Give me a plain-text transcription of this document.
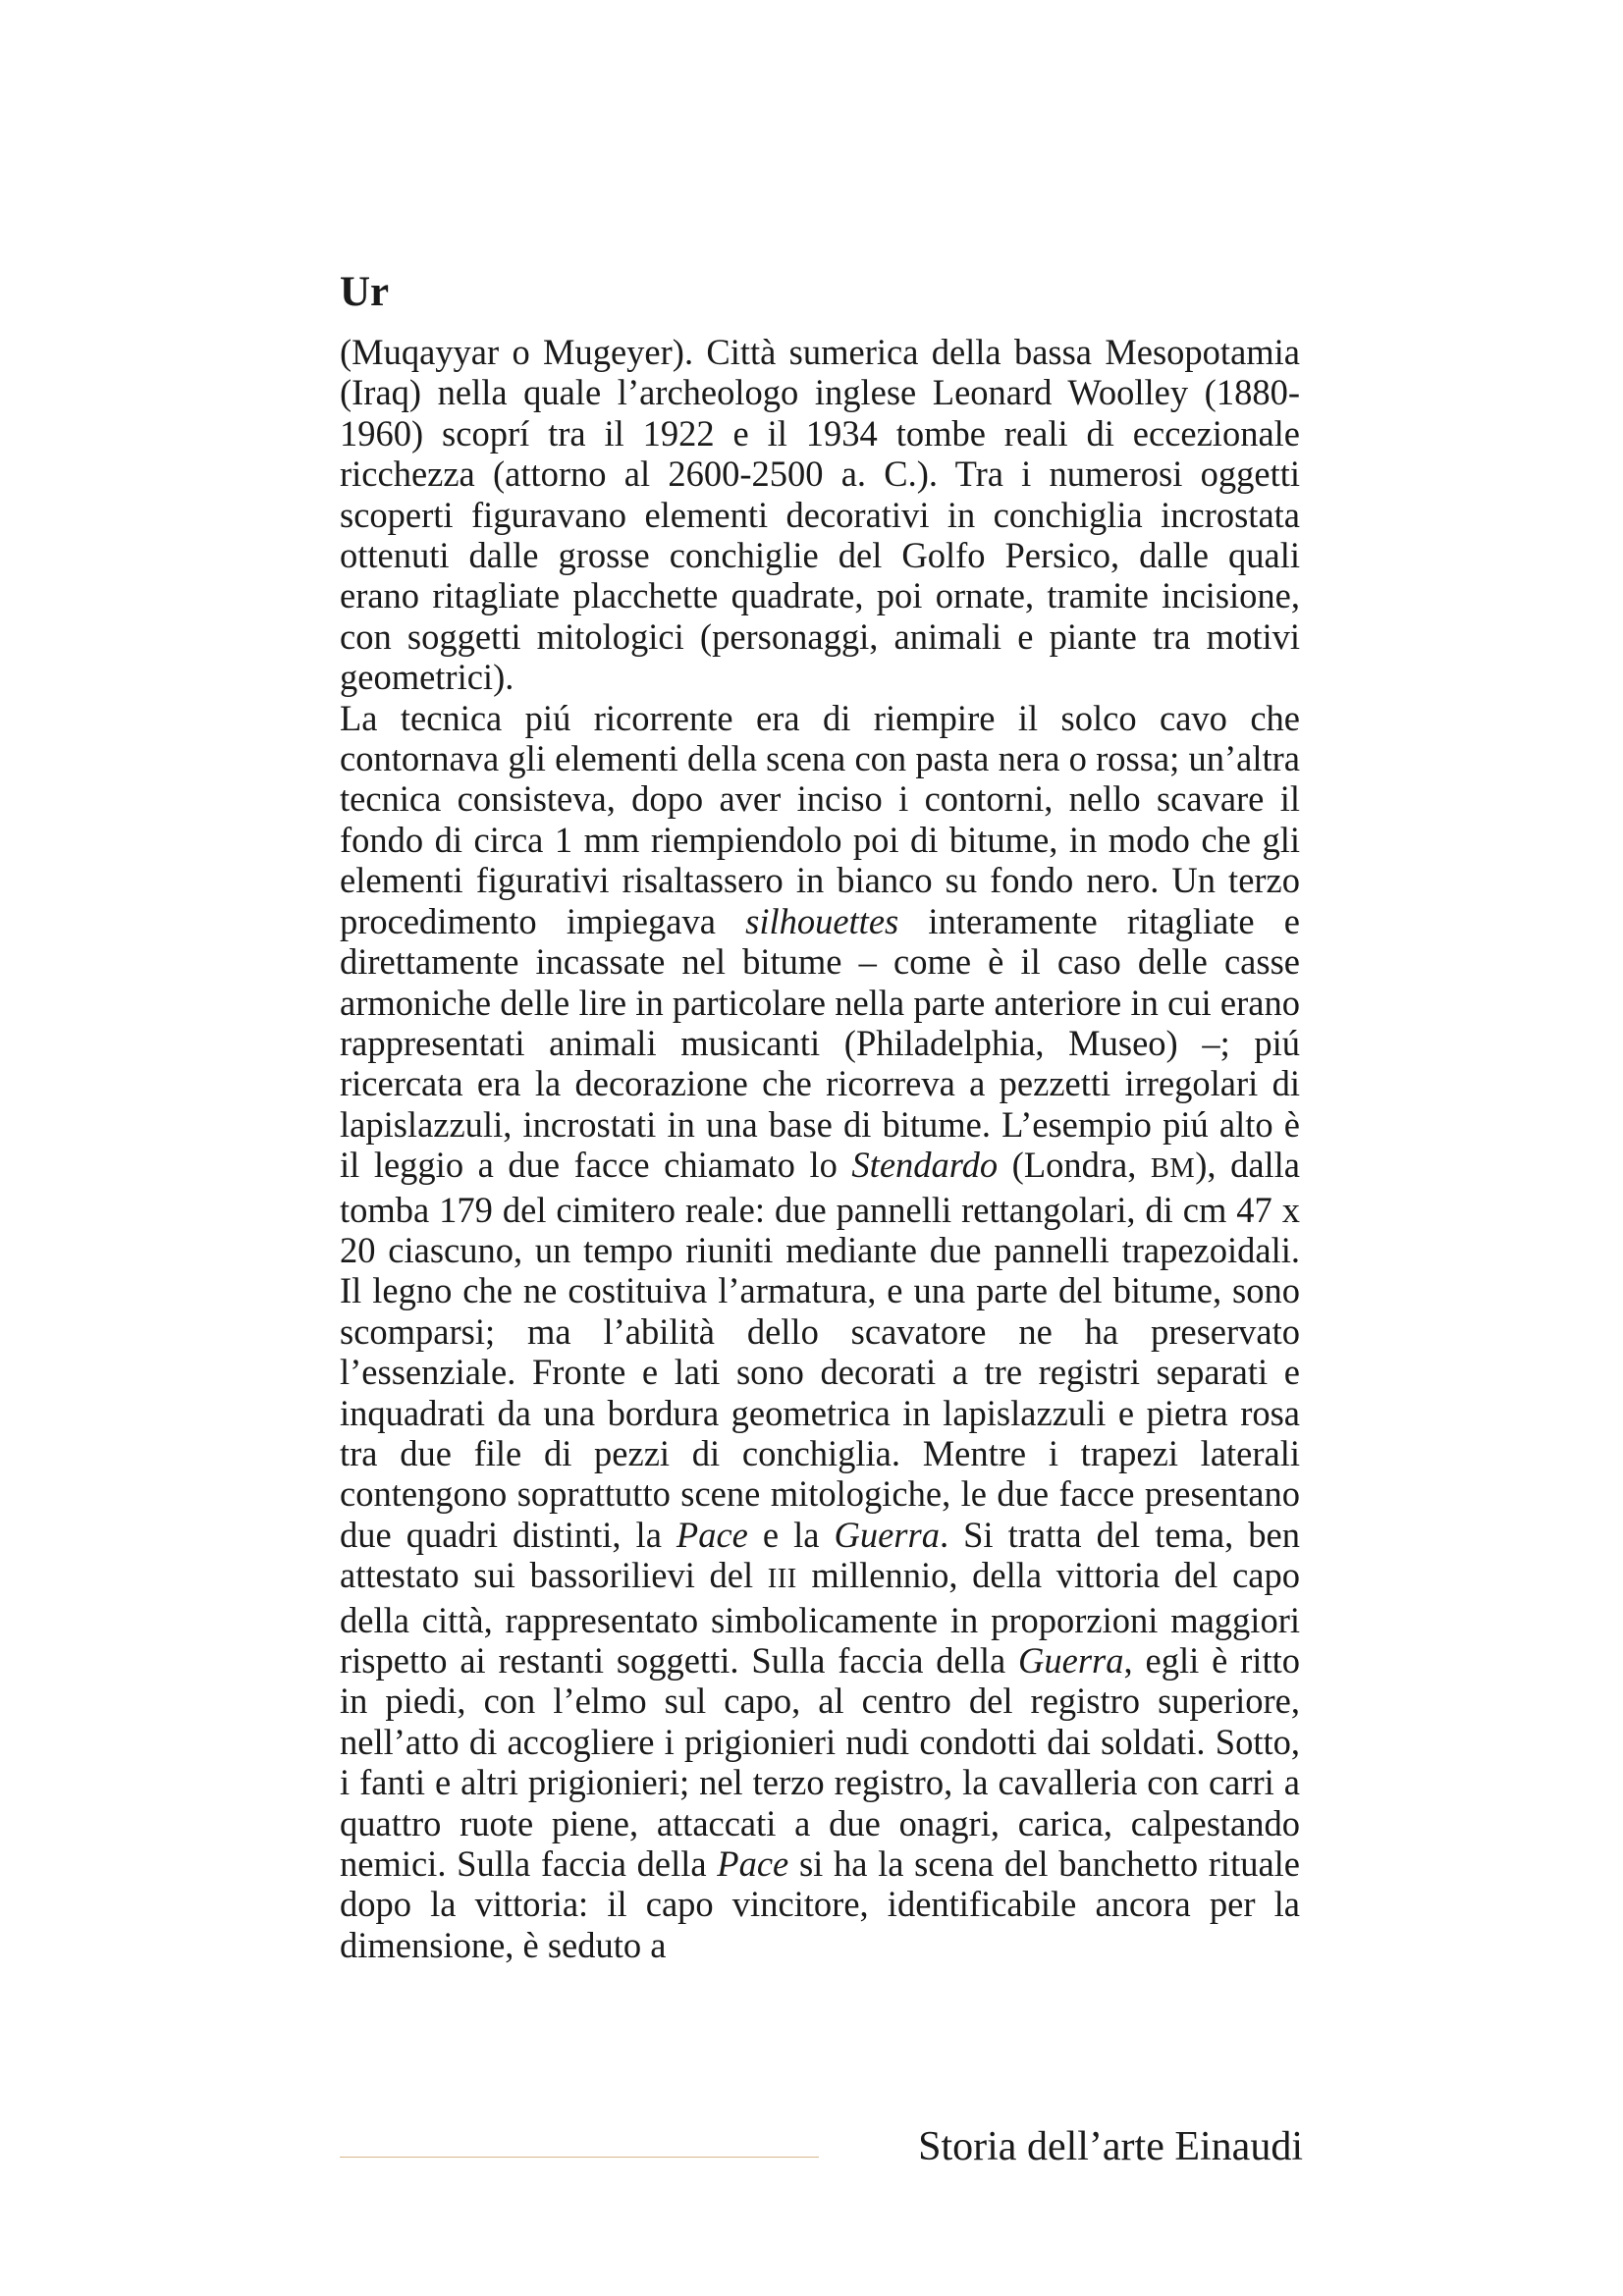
Ur

(Muqayyar o Mugeyer). Città sumerica della bassa Mesopotamia (Iraq) nella quale l’archeologo inglese Leonard Woolley (1880-1960) scoprí tra il 1922 e il 1934 tombe reali di eccezionale ricchezza (attorno al 2600-2500 a. C.). Tra i numerosi oggetti scoperti figuravano elementi decorativi in conchiglia incrostata ottenuti dalle grosse conchiglie del Golfo Persico, dalle quali erano ritagliate placchette quadrate, poi ornate, tramite incisione, con soggetti mitologici (personaggi, animali e piante tra motivi geometrici).

La tecnica piú ricorrente era di riempire il solco cavo che contornava gli elementi della scena con pasta nera o rossa; un’altra tecnica consisteva, dopo aver inciso i contorni, nello scavare il fondo di circa 1 mm riempiendolo poi di bitume, in modo che gli elementi figurativi risaltassero in bianco su fondo nero. Un terzo procedimento impiegava silhouettes interamente ritagliate e direttamente incassate nel bitume – come è il caso delle casse armoniche delle lire in particolare nella parte anteriore in cui erano rappresentati animali musicanti (Philadelphia, Museo) –; piú ricercata era la decorazione che ricorreva a pezzetti irregolari di lapislazzuli, incrostati in una base di bitume. L’esempio piú alto è il leggio a due facce chiamato lo Stendardo (Londra, BM), dalla tomba 179 del cimitero reale: due pannelli rettangolari, di cm 47 x 20 ciascuno, un tempo riuniti mediante due pannelli trapezoidali. Il legno che ne costituiva l’armatura, e una parte del bitume, sono scomparsi; ma l’abilità dello scavatore ne ha preservato l’essenziale. Fronte e lati sono decorati a tre registri separati e inquadrati da una bordura geometrica in lapislazzuli e pietra rosa tra due file di pezzi di conchiglia. Mentre i trapezi laterali contengono soprattutto scene mitologiche, le due facce presentano due quadri distinti, la Pace e la Guerra. Si tratta del tema, ben attestato sui bassorilievi del III millennio, della vittoria del capo della città, rappresentato simbolicamente in proporzioni maggiori rispetto ai restanti soggetti. Sulla faccia della Guerra, egli è ritto in piedi, con l’elmo sul capo, al centro del registro superiore, nell’atto di accogliere i prigionieri nudi condotti dai soldati. Sotto, i fanti e altri prigionieri; nel terzo registro, la cavalleria con carri a quattro ruote piene, attaccati a due onagri, carica, calpestando nemici. Sulla faccia della Pace si ha la scena del banchetto rituale dopo la vittoria: il capo vincitore, identificabile ancora per la dimensione, è seduto a

Storia dell’arte Einaudi
